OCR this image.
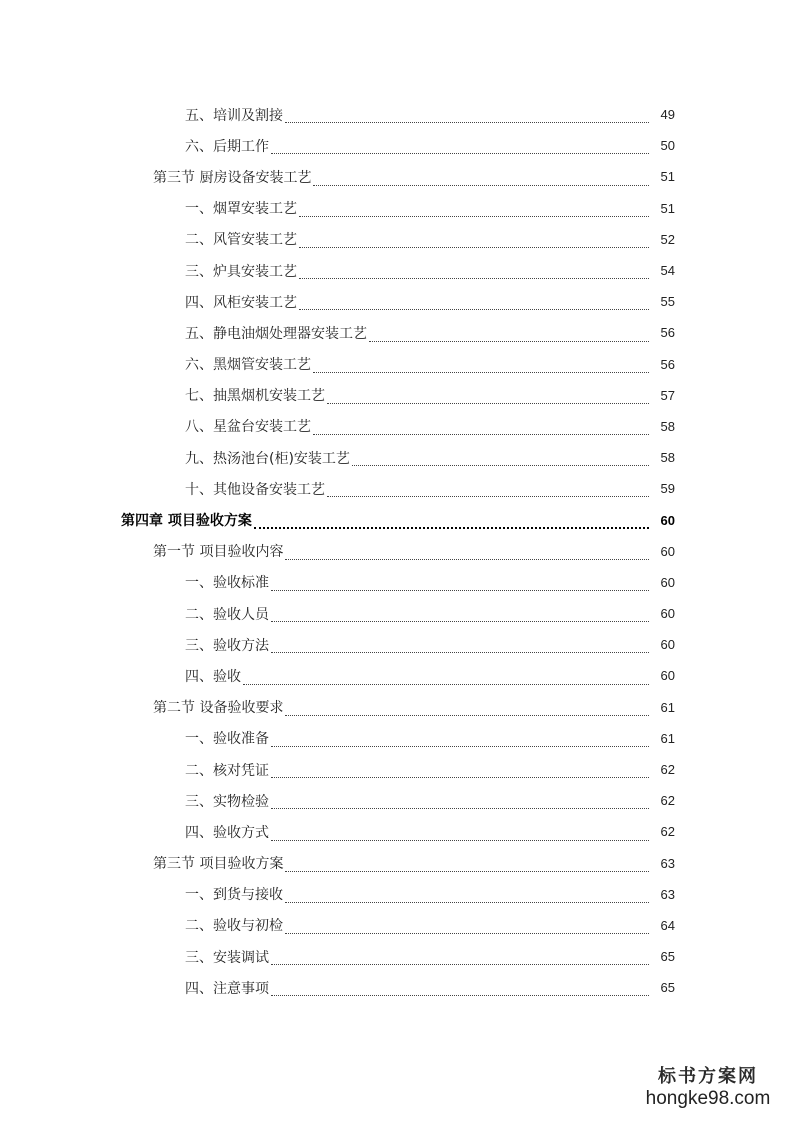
五、培训及割接	49
六、后期工作	50
第三节 厨房设备安装工艺	51
一、烟罩安装工艺	51
二、风管安装工艺	52
三、炉具安装工艺	54
四、风柜安装工艺	55
五、静电油烟处理器安装工艺	56
六、黑烟管安装工艺	56
七、抽黑烟机安装工艺	57
八、星盆台安装工艺	58
九、热汤池台(柜)安装工艺	58
十、其他设备安装工艺	59
第四章 项目验收方案	60
第一节 项目验收内容	60
一、验收标准	60
二、验收人员	60
三、验收方法	60
四、验收	60
第二节 设备验收要求	61
一、验收准备	61
二、核对凭证	62
三、实物检验	62
四、验收方式	62
第三节 项目验收方案	63
一、到货与接收	63
二、验收与初检	64
三、安装调试	65
四、注意事项	65
标书方案网
hongke98.com
